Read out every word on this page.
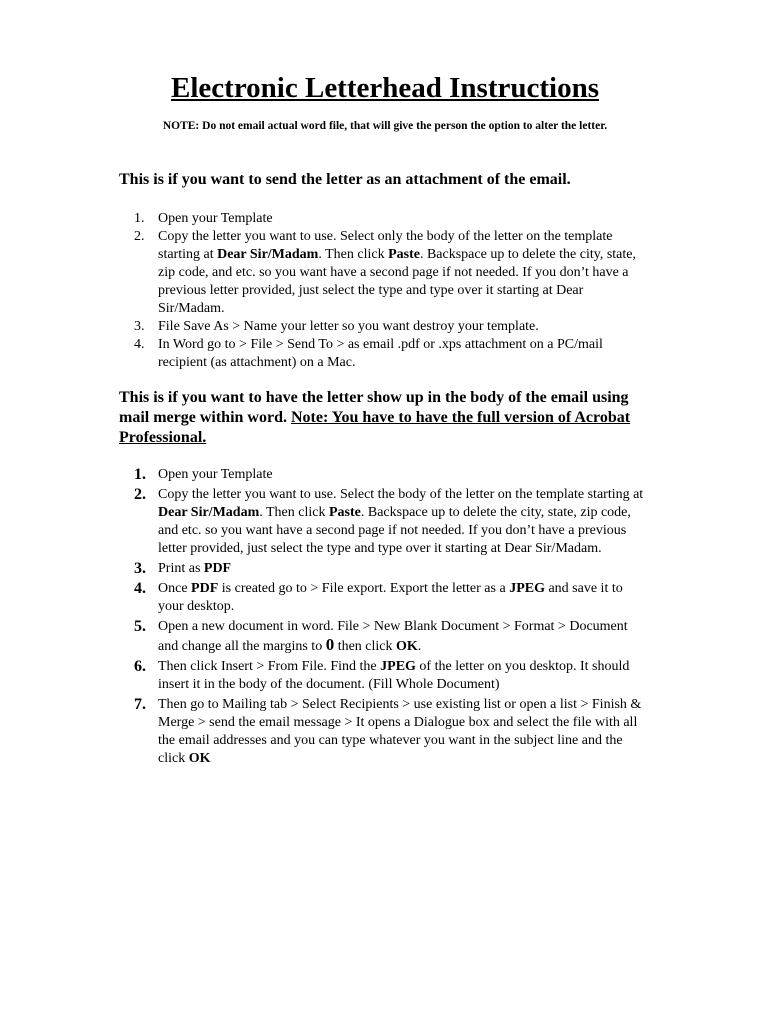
Electronic Letterhead Instructions
NOTE: Do not email actual word file, that will give the person the option to alter the letter.
This is if you want to send the letter as an attachment of the email.
1. Open your Template
2. Copy the letter you want to use. Select only the body of the letter on the template starting at Dear Sir/Madam. Then click Paste. Backspace up to delete the city, state, zip code, and etc. so you want have a second page if not needed. If you don’t have a previous letter provided, just select the type and type over it starting at Dear Sir/Madam.
3. File Save As > Name your letter so you want destroy your template.
4. In Word go to > File > Send To > as email .pdf or .xps attachment on a PC/mail recipient (as attachment) on a Mac.
This is if you want to have the letter show up in the body of the email using mail merge within word. Note: You have to have the full version of Acrobat Professional.
1. Open your Template
2. Copy the letter you want to use. Select the body of the letter on the template starting at Dear Sir/Madam. Then click Paste. Backspace up to delete the city, state, zip code, and etc. so you want have a second page if not needed. If you don’t have a previous letter provided, just select the type and type over it starting at Dear Sir/Madam.
3. Print as PDF
4. Once PDF is created go to > File export. Export the letter as a JPEG and save it to your desktop.
5. Open a new document in word. File > New Blank Document > Format > Document and change all the margins to 0 then click OK.
6. Then click Insert > From File. Find the JPEG of the letter on you desktop. It should insert it in the body of the document. (Fill Whole Document)
7. Then go to Mailing tab > Select Recipients > use existing list or open a list > Finish & Merge > send the email message > It opens a Dialogue box and select the file with all the email addresses and you can type whatever you want in the subject line and the click OK
